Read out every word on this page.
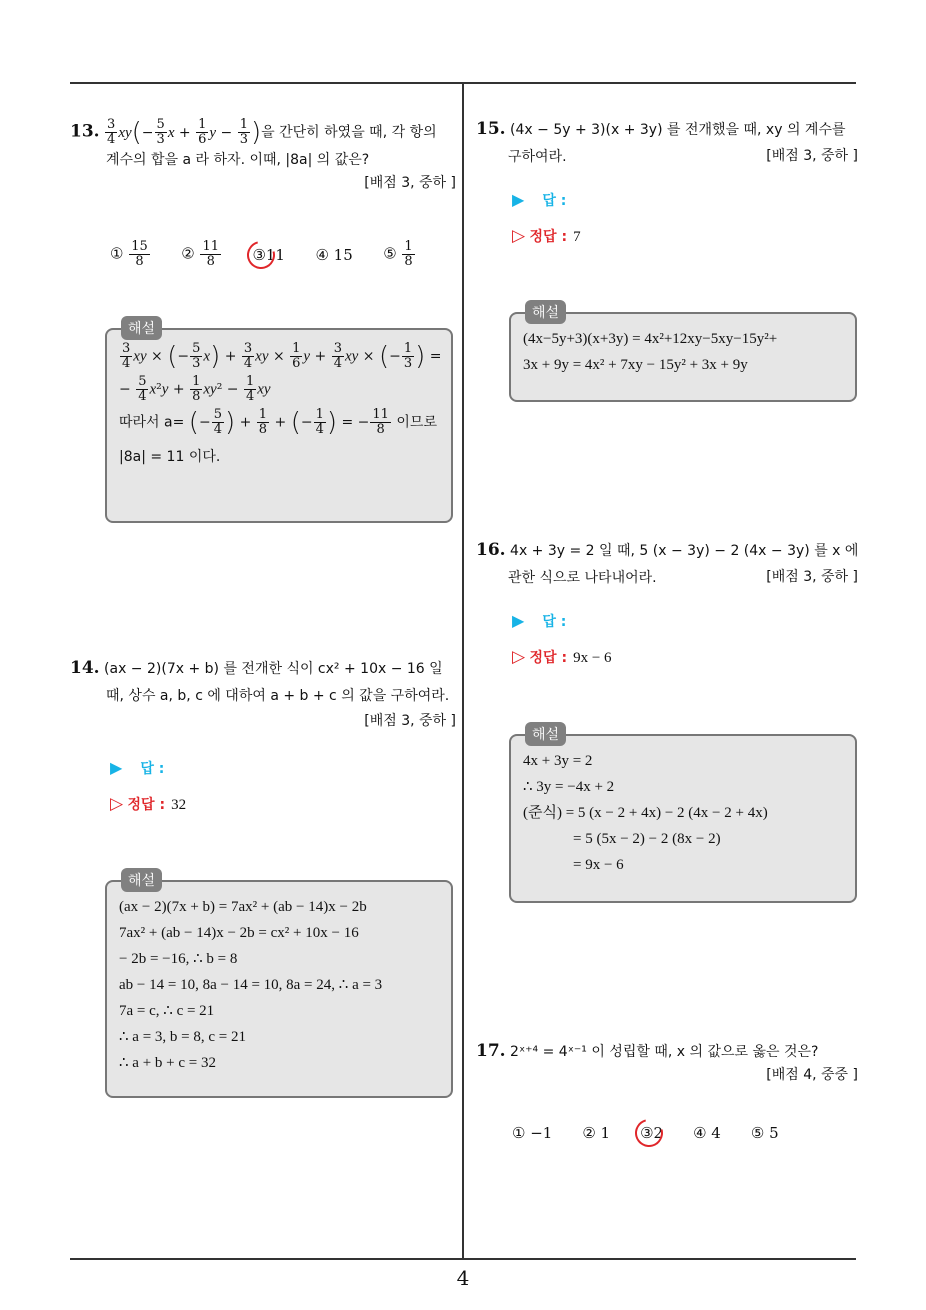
13. $\frac{3}{4} xy(- \frac{5}{3}$ $x + \frac{1}{6}$ $y - \frac{1}{3}$ )을 간단히 하였을 때, 각 항의
계수의 합을 a 라 하자. 이때, |8a| 의 값은?
[배점 3, 중하 ]
① $\frac{15}{8}$ ② $\frac{11}{8}$ ③
11 ④ 15 ⑤ $\frac{1}{8}$
해설
$\frac{3}{4}$ xy × (− $\frac{5}{3} x) + \frac{3}{4}$ xy × $\frac{1}{6}$ $y + \frac{3}{4}$ xy × (− $\frac{1}{3}$ ) =
− $\frac{5}{4} x^2y + \frac{1}{8} xy^2 - \frac{1}{4}$ xy
따라서 a= (− $\frac{5}{4}$ ) + $\frac{1}{8}$ + (− $\frac{1}{4}$ ) = − $\frac{11}{8}$ 이므로
|8a| = 11 이다.
14. (ax − 2)(7x + b) 를 전개한 식이 cx² + 10x − 16 일
때, 상수 a, b, c 에 대하여 a + b + c 의 값을 구하여라.
[배점 3, 중하 ]
▶ 답 :
▷ 정답 : 32
해설
(ax − 2)(7x + b) = 7ax² + (ab − 14)x − 2b
7ax² + (ab − 14)x − 2b = cx² + 10x − 16
− 2b = −16, ∴ b = 8
ab − 14 = 10, 8a − 14 = 10, 8a = 24, ∴ a = 3
7a = c, ∴ c = 21
∴ a = 3, b = 8, c = 21
∴ a + b + c = 32
15. (4x − 5y + 3)(x + 3y) 를 전개했을 때, xy 의 계수를
구하여라.	[배점 3, 중하 ]
▶ 답 :
▷ 정답 : 7
해설
(4x−5y+3)(x+3y) = 4x²+12xy−5xy−15y²+
3x + 9y = 4x² + 7xy − 15y² + 3x + 9y
16. 4x + 3y = 2 일 때, 5 (x − 3y) − 2 (4x − 3y) 를 x 에
관한 식으로 나타내어라.	[배점 3, 중하 ]
▶ 답 :
▷ 정답 : 9x − 6
해설
4x + 3y = 2
∴ 3y = −4x + 2
(준식) = 5 (x − 2 + 4x) − 2 (4x − 2 + 4x)
= 5 (5x − 2) − 2 (8x − 2)
= 9x − 6
17. 2ˣ⁺⁴ = 4ˣ⁻¹ 이 성립할 때, x 의 값으로 옳은 것은?
[배점 4, 중중 ]
① −1 ② 1 ③
2 ④ 4 ⑤ 5
4
